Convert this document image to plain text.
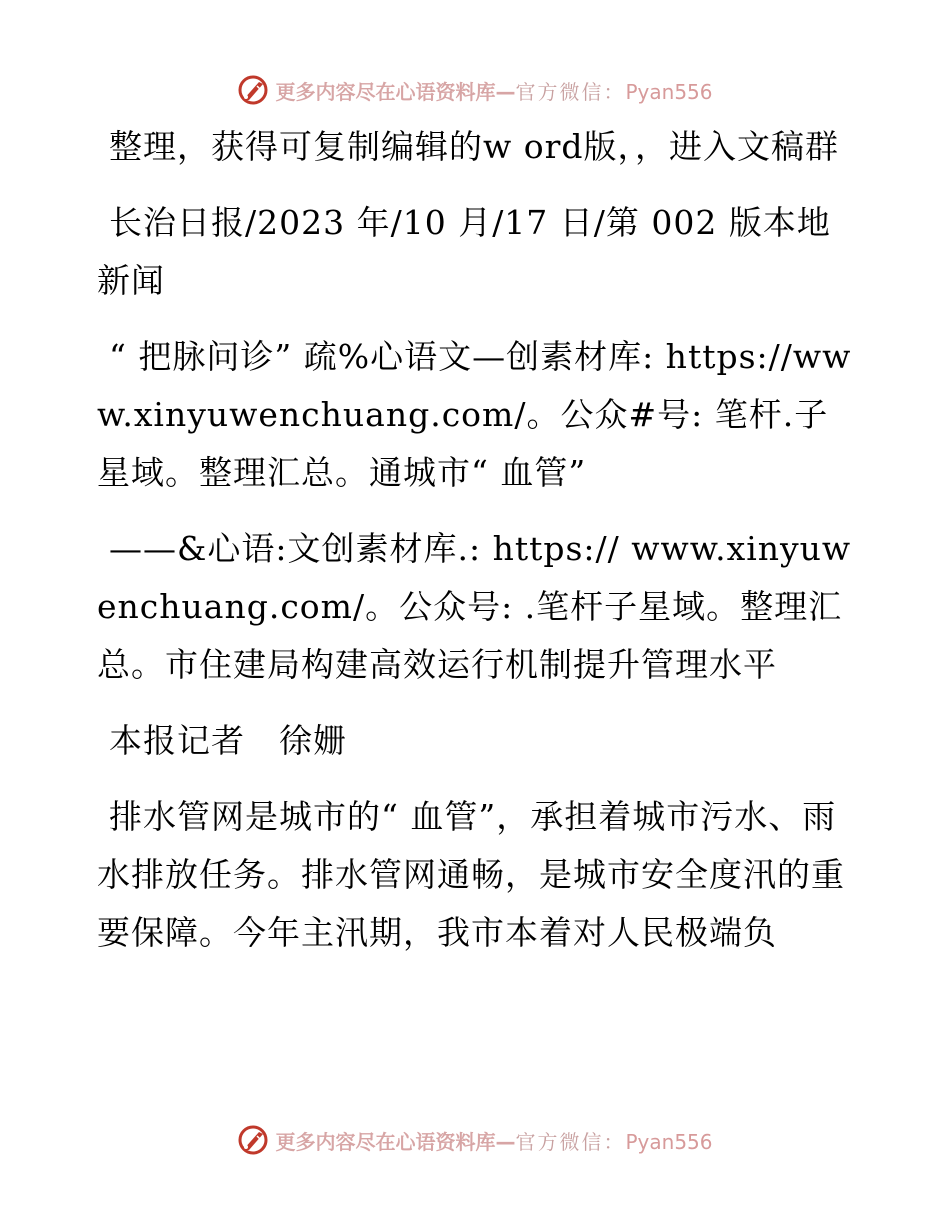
更多内容尽在心语资料库—官方微信：Pyan556

整理，获得可复制编辑的w ord版，，进入文稿群

长治日报/2023 年/10 月/17 日/第 002 版本地新闻

“ 把脉问诊” 疏%心语文—创素材库: https://www.xinyuwenchuang.com/。公众#号: 笔杆.子星域。整理汇总。通城市“ 血管”

——&心语:文创素材库.: https:// www.xinyuwenchuang.com/。公众号: .笔杆子星域。整理汇总。市住建局构建高效运行机制提升管理水平

本报记者　徐姗

排水管网是城市的“ 血管”，承担着城市污水、雨水排放任务。排水管网通畅，是城市安全度汛的重要保障。今年主汛期，我市本着对人民极端负

更多内容尽在心语资料库—官方微信：Pyan556
